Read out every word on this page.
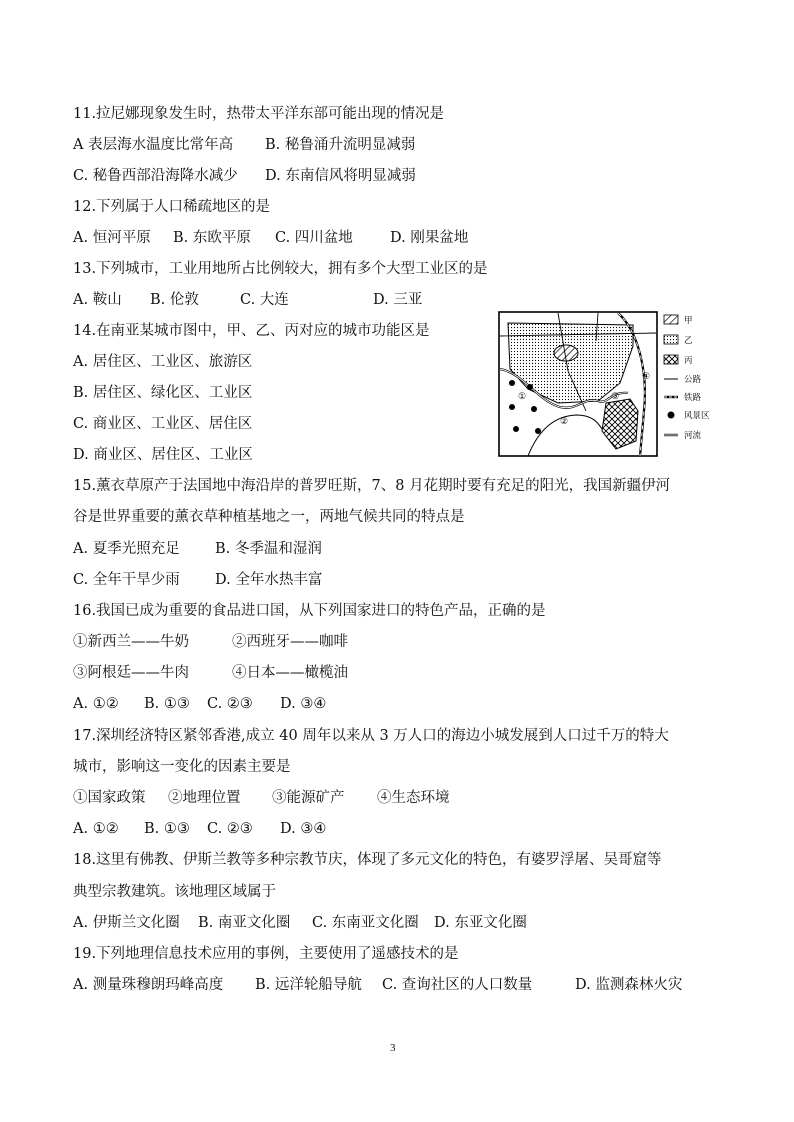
11.拉尼娜现象发生时，热带太平洋东部可能出现的情况是
A 表层海水温度比常年高 B. 秘鲁涌升流明显减弱
C. 秘鲁西部沿海降水减少 D. 东南信风将明显减弱
12.下列属于人口稀疏地区的是
A. 恒河平原 B. 东欧平原 C. 四川盆地	D. 刚果盆地
13.下列城市，工业用地所占比例较大，拥有多个大型工业区的是
A. 鞍山 B. 伦敦	C. 大连	D. 三亚
14.在南亚某城市图中，甲、乙、丙对应的城市功能区是
A. 居住区、工业区、旅游区
B. 居住区、绿化区、工业区
C. 商业区、工业区、居住区
D. 商业区、居住区、工业区
①
②
③
④
甲
乙
丙
公路
铁路
风景区
河流
15.薰衣草原产于法国地中海沿岸的普罗旺斯，7、8 月花期时要有充足的阳光，我国新疆伊河
谷是世界重要的薰衣草种植基地之一，两地气候共同的特点是
A. 夏季光照充足 B. 冬季温和湿润
C. 全年干旱少雨 D. 全年水热丰富
16.我国已成为重要的食品进口国，从下列国家进口的特色产品，正确的是
①新西兰——牛奶	②西班牙——咖啡
③阿根廷——牛肉	④日本——橄榄油
A. ①② B. ①③ C. ②③ D. ③④
17.深圳经济特区紧邻香港,成立 40 周年以来从 3 万人口的海边小城发展到人口过千万的特大
城市，影响这一变化的因素主要是
①国家政策 ②地理位置 ③能源矿产 ④生态环境
A. ①② B. ①③ C. ②③ D. ③④
18.这里有佛教、伊斯兰教等多种宗教节庆，体现了多元文化的特色，有婆罗浮屠、吴哥窟等
典型宗教建筑。该地理区域属于
A. 伊斯兰文化圈 B. 南亚文化圈 C. 东南亚文化圈 D. 东亚文化圈
19.下列地理信息技术应用的事例，主要使用了遥感技术的是
A. 测量珠穆朗玛峰高度 B. 远洋轮船导航 C. 查询社区的人口数量	D. 监测森林火灾
3
